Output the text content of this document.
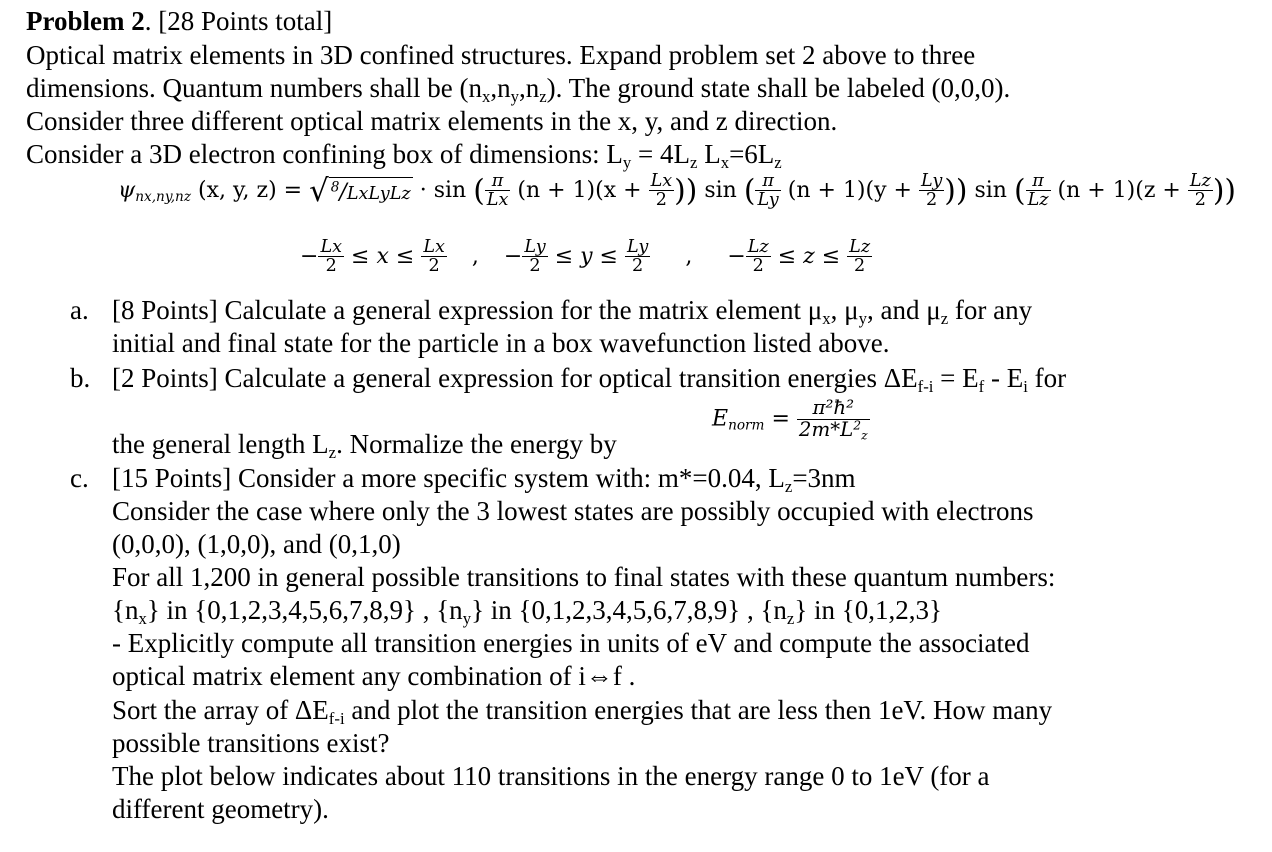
Problem 2. [28 Points total]
Optical matrix elements in 3D confined structures. Expand problem set 2 above to three
dimensions. Quantum numbers shall be $(n_x,n_y,n_z)$. The ground state shall be labeled (0,0,0).
Consider three different optical matrix elements in the x, y, and z direction.
Consider a 3D electron confining box of dimensions: $L_y = 4L_z$ $L_x=6L_z$
$\psi_{nx,ny,nz}$ (x, y, z) = √ $^8$/LxLyLz · sin ( $\frac{\pi}{Lx} (n + 1)(x + \frac{Lx}{2}$ )) sin ( $\frac{\pi}{Ly} (n + 1)(y + \frac{Ly}{2}$ )) sin ( $\frac{\pi}{Lz} (n + 1)(z + \frac{Lz}{2}$ ))
− $\frac{Lx}{2} \le x \le \frac{Lx}{2}$ , − $\frac{Ly}{2} \le y \le \frac{Ly}{2}$ , − $\frac{Lz}{2} \le z \le \frac{Lz}{2}$
a. [8 Points] Calculate a general expression for the matrix element $\mu_x$, $\mu_y$, and $\mu_z$ for any
initial and final state for the particle in a box wavefunction listed above.
b. [2 Points] Calculate a general expression for optical transition energies $\Delta E_{f-i} = E_f - E_i$ for
the general length $L_z$. Normalize the energy by
$E_{norm} = \frac{\text{π²ħ²}}{2m*L^2_z}$
c. [15 Points] Consider a more specific system with: m*=0.04, $L_z=3nm$
Consider the case where only the 3 lowest states are possibly occupied with electrons
(0,0,0), (1,0,0), and (0,1,0)
For all 1,200 in general possible transitions to final states with these quantum numbers:
$\{n_x\}$ in {0,1,2,3,4,5,6,7,8,9} , $\{n_y\}$ in {0,1,2,3,4,5,6,7,8,9} , $\{n_z\}$ in {0,1,2,3}
- Explicitly compute all transition energies in units of eV and compute the associated
optical matrix element any combination of i⇔f .
Sort the array of $\Delta E_{f-i}$ and plot the transition energies that are less then 1eV. How many
possible transitions exist?
The plot below indicates about 110 transitions in the energy range 0 to 1eV (for a
different geometry).
